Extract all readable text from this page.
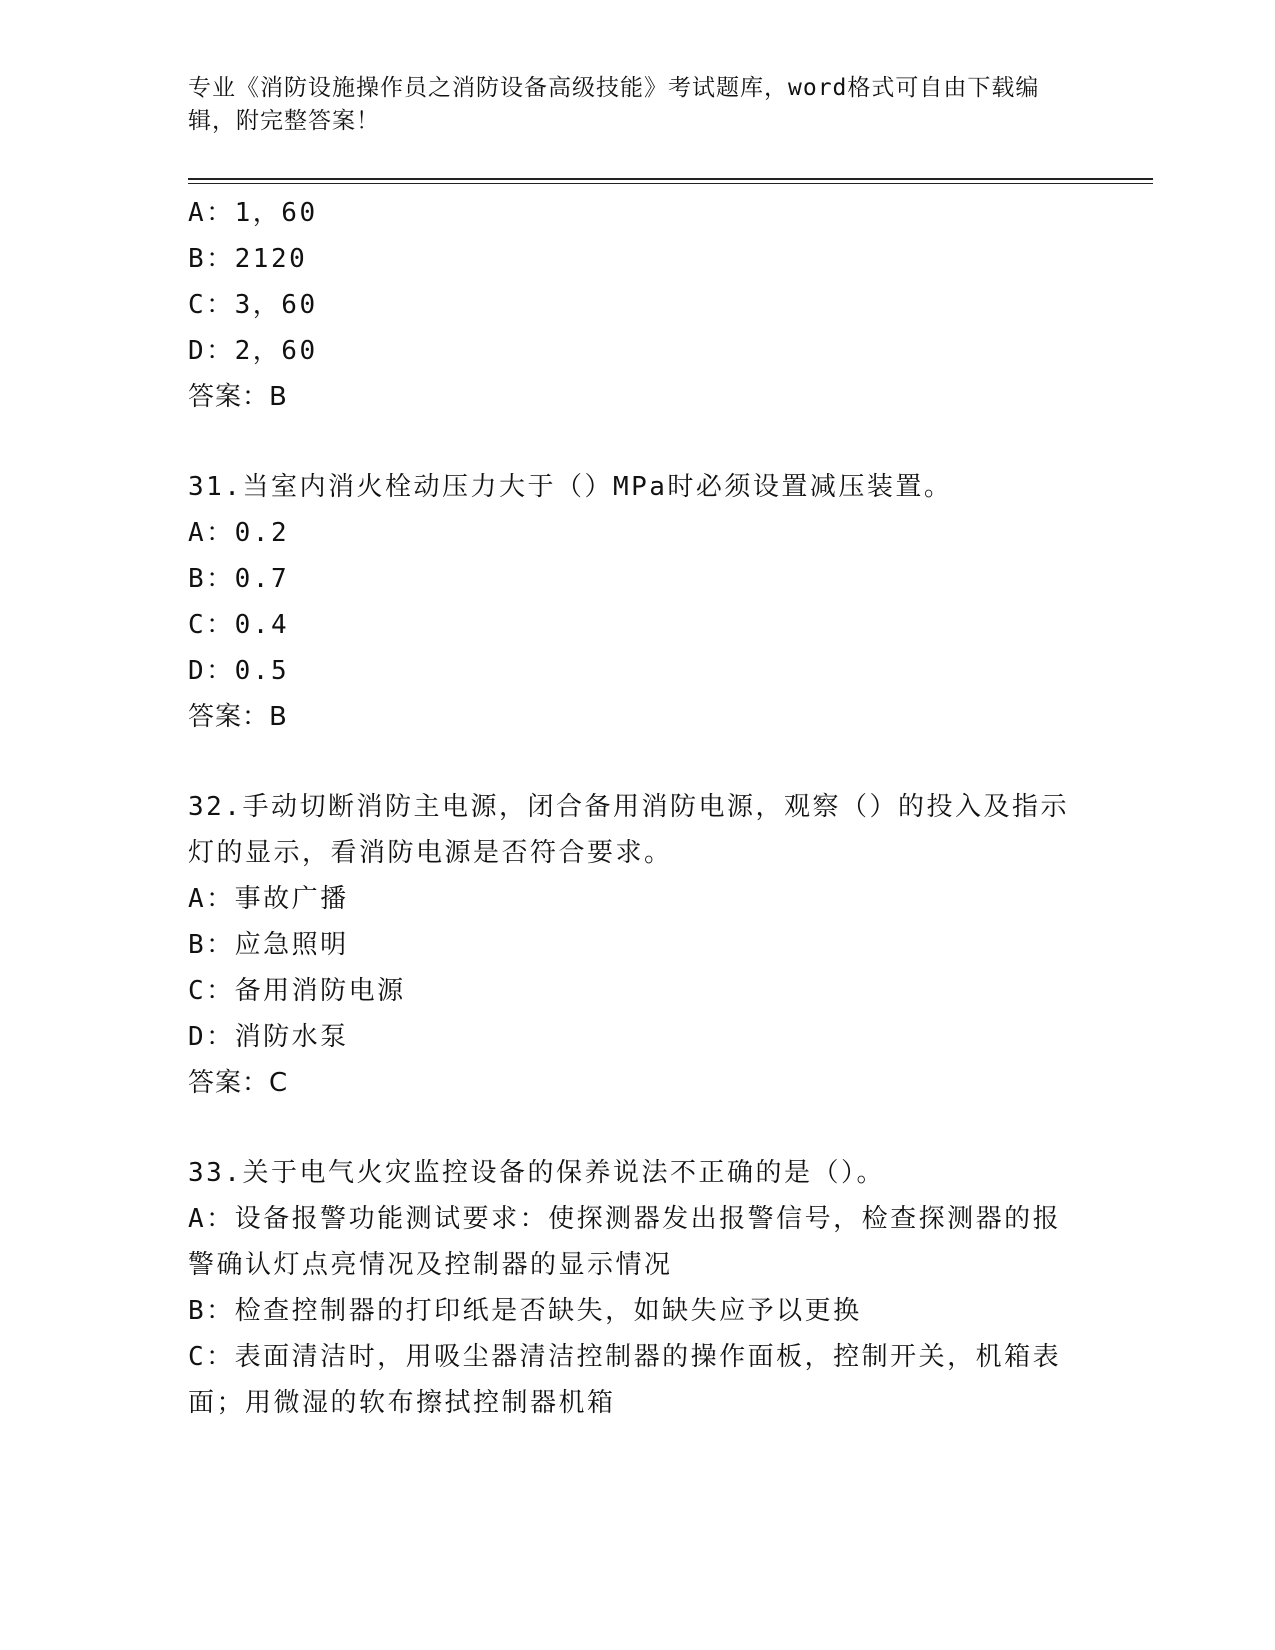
专业《消防设施操作员之消防设备高级技能》考试题库，word格式可自由下载编辑，附完整答案！
A：1，60
B：2120
C：3，60
D：2，60
答案：B
31.当室内消火栓动压力大于（）MPa时必须设置减压装置。
A：0.2
B：0.7
C：0.4
D：0.5
答案：B
32.手动切断消防主电源，闭合备用消防电源，观察（）的投入及指示灯的显示，看消防电源是否符合要求。
A：事故广播
B：应急照明
C：备用消防电源
D：消防水泵
答案：C
33.关于电气火灾监控设备的保养说法不正确的是（）。
A：设备报警功能测试要求：使探测器发出报警信号，检查探测器的报警确认灯点亮情况及控制器的显示情况
B：检查控制器的打印纸是否缺失，如缺失应予以更换
C：表面清洁时，用吸尘器清洁控制器的操作面板，控制开关，机箱表面；用微湿的软布擦拭控制器机箱
